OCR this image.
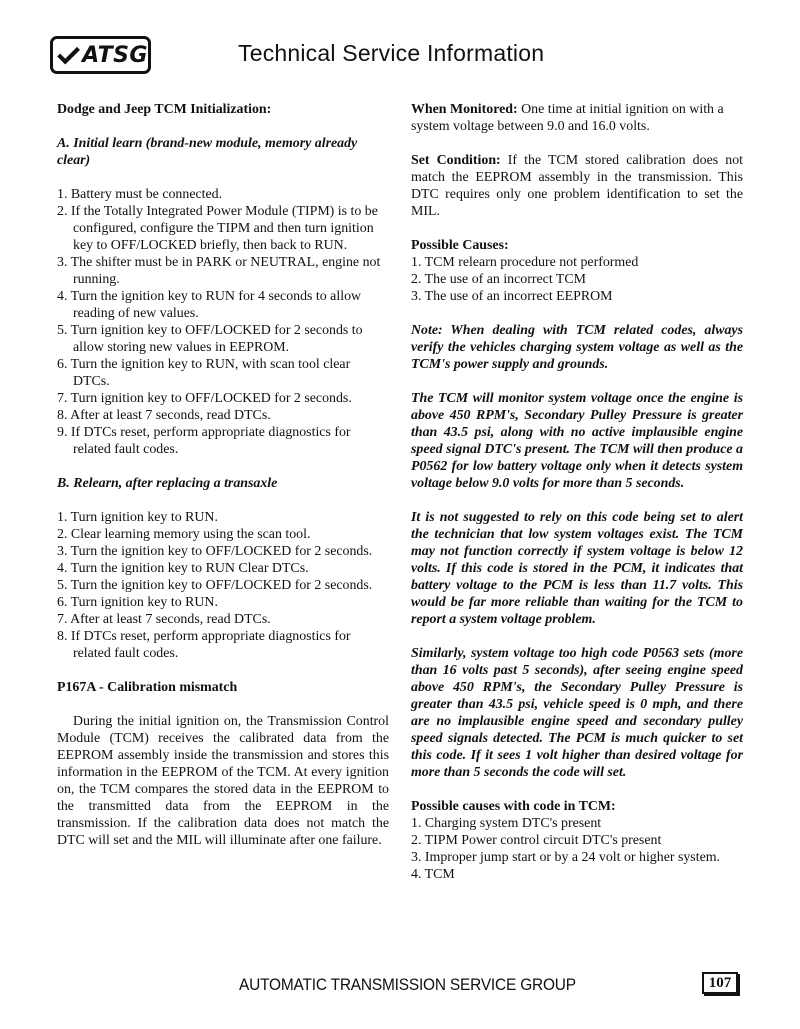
ATSG	Technical Service Information

Dodge and Jeep TCM Initialization:

A. Initial learn (brand-new module, memory already clear)

1. Battery must be connected.

2. If the Totally Integrated Power Module (TIPM) is to be configured, configure the TIPM and then turn ignition key to OFF/LOCKED briefly, then back to RUN.

3. The shifter must be in PARK or NEUTRAL, engine not running.

4. Turn the ignition key to RUN for 4 seconds to allow reading of new values.

5. Turn ignition key to OFF/LOCKED for 2 seconds to allow storing new values in EEPROM.

6. Turn the ignition key to RUN, with scan tool clear DTCs.

7. Turn ignition key to OFF/LOCKED for 2 seconds.

8. After at least 7 seconds, read DTCs.

9. If DTCs reset, perform appropriate diagnostics for related fault codes.

B. Relearn, after replacing a transaxle

1. Turn ignition key to RUN.

2. Clear learning memory using the scan tool.

3. Turn the ignition key to OFF/LOCKED for 2 seconds.

4. Turn the ignition key to RUN Clear DTCs.

5. Turn the ignition key to OFF/LOCKED for 2 seconds.

6. Turn ignition key to RUN.

7. After at least 7 seconds, read DTCs.

8. If DTCs reset, perform appropriate diagnostics for related fault codes.

P167A - Calibration mismatch

During the initial ignition on, the Transmission Control Module (TCM) receives the calibrated data from the EEPROM assembly inside the transmission and stores this information in the EEPROM of the TCM. At every ignition on, the TCM compares the stored data in the EEPROM to the transmitted data from the EEPROM in the transmission. If the calibration data does not match the DTC will set and the MIL will illuminate after one failure.

When Monitored: One time at initial ignition on with a system voltage between 9.0 and 16.0 volts.

Set Condition: If the TCM stored calibration does not match the EEPROM assembly in the transmission. This DTC requires only one problem identification to set the MIL.

Possible Causes:

1. TCM relearn procedure not performed

2. The use of an incorrect TCM

3. The use of an incorrect EEPROM

Note: When dealing with TCM related codes, always verify the vehicles charging system voltage as well as the TCM's power supply and grounds.

The TCM will monitor system voltage once the engine is above 450 RPM's, Secondary Pulley Pressure is greater than 43.5 psi, along with no active implausible engine speed signal DTC's present. The TCM will then produce a P0562 for low battery voltage only when it detects system voltage below 9.0 volts for more than 5 seconds.

It is not suggested to rely on this code being set to alert the technician that low system voltages exist. The TCM may not function correctly if system voltage is below 12 volts. If this code is stored in the PCM, it indicates that battery voltage to the PCM is less than 11.7 volts. This would be far more reliable than waiting for the TCM to report a system voltage problem.

Similarly, system voltage too high code P0563 sets (more than 16 volts past 5 seconds), after seeing engine speed above 450 RPM's, the Secondary Pulley Pressure is greater than 43.5 psi, vehicle speed is 0 mph, and there are no implausible engine speed and secondary pulley speed signals detected. The PCM is much quicker to set this code. If it sees 1 volt higher than desired voltage for more than 5 seconds the code will set.

Possible causes with code in TCM:

1. Charging system DTC's present

2. TIPM Power control circuit DTC's present

3. Improper jump start or by a 24 volt or higher system.

4. TCM

AUTOMATIC TRANSMISSION SERVICE GROUP	107
